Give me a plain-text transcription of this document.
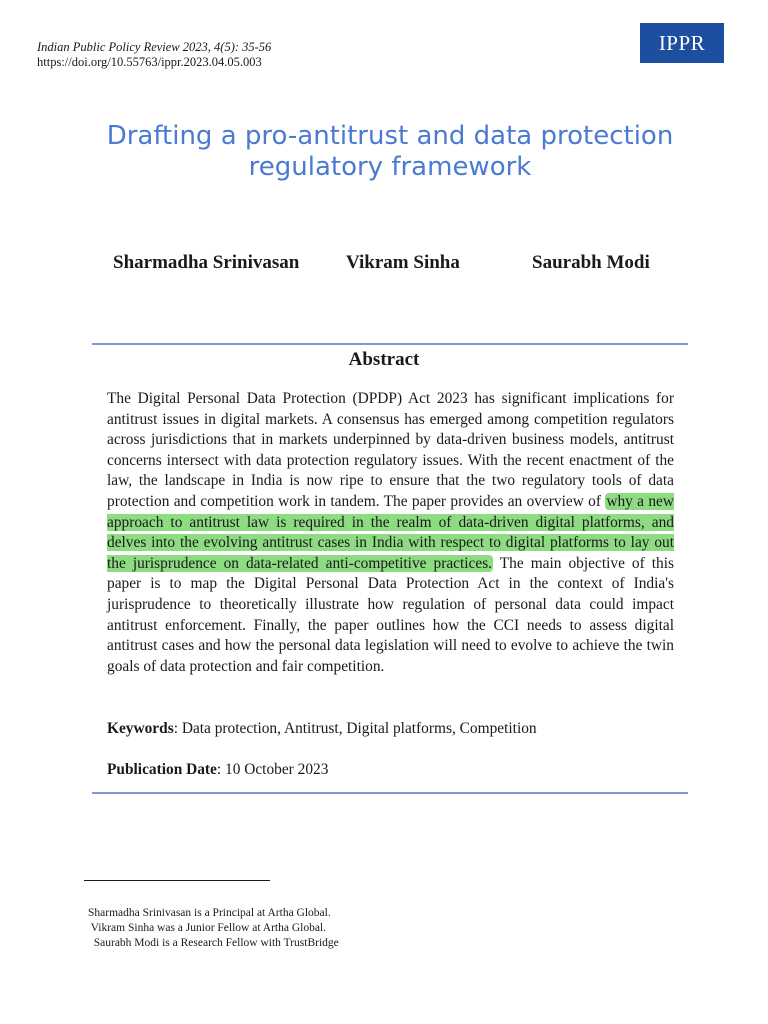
Indian Public Policy Review 2023, 4(5): 35-56
https://doi.org/10.55763/ippr.2023.04.05.003
IPPR
Drafting a pro-antitrust and data protection regulatory framework
Sharmadha Srinivasan Vikram Sinha	Saurabh Modi
Abstract
The Digital Personal Data Protection (DPDP) Act 2023 has significant implications for antitrust issues in digital markets. A consensus has emerged among competition regulators across jurisdictions that in markets underpinned by data-driven business models, antitrust concerns intersect with data protection regulatory issues. With the recent enactment of the law, the landscape in India is now ripe to ensure that the two regulatory tools of data protection and competition work in tandem. The paper provides an overview of why a new approach to antitrust law is required in the realm of data-driven digital platforms, and delves into the evolving antitrust cases in India with respect to digital platforms to lay out the jurisprudence on data-related anti-competitive practices. The main objective of this paper is to map the Digital Personal Data Protection Act in the context of India's jurisprudence to theoretically illustrate how regulation of personal data could impact antitrust enforcement. Finally, the paper outlines how the CCI needs to assess digital antitrust cases and how the personal data legislation will need to evolve to achieve the twin goals of data protection and fair competition.
Keywords: Data protection, Antitrust, Digital platforms, Competition
Publication Date: 10 October 2023
Sharmadha Srinivasan is a Principal at Artha Global.
Vikram Sinha was a Junior Fellow at Artha Global.
Saurabh Modi is a Research Fellow with TrustBridge
